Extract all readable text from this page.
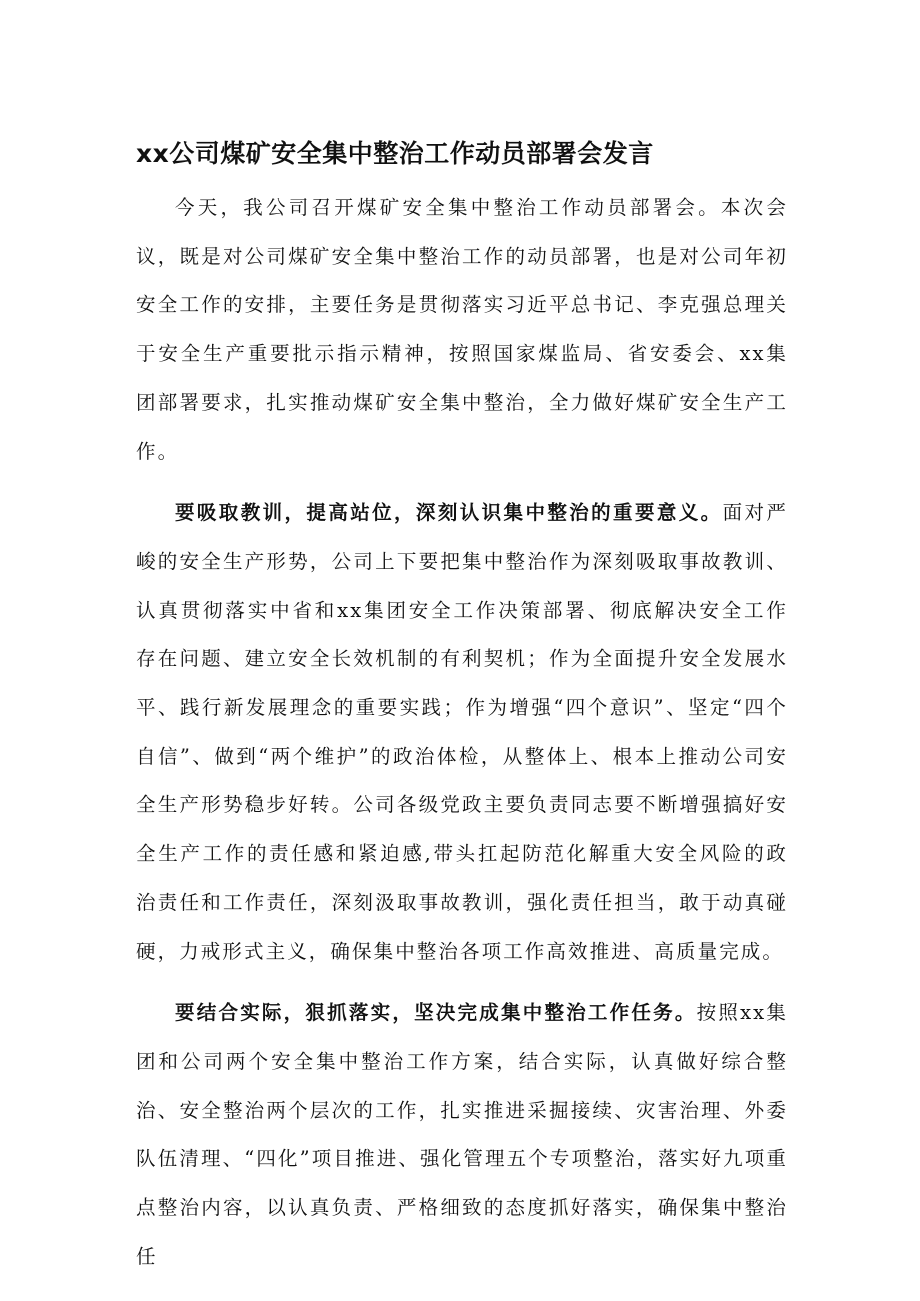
xx公司煤矿安全集中整治工作动员部署会发言

今天，我公司召开煤矿安全集中整治工作动员部署会。本次会议，既是对公司煤矿安全集中整治工作的动员部署，也是对公司年初安全工作的安排，主要任务是贯彻落实习近平总书记、李克强总理关于安全生产重要批示指示精神，按照国家煤监局、省安委会、xx集团部署要求，扎实推动煤矿安全集中整治，全力做好煤矿安全生产工作。

要吸取教训，提高站位，深刻认识集中整治的重要意义。面对严峻的安全生产形势，公司上下要把集中整治作为深刻吸取事故教训、认真贯彻落实中省和xx集团安全工作决策部署、彻底解决安全工作存在问题、建立安全长效机制的有利契机；作为全面提升安全发展水平、践行新发展理念的重要实践；作为增强“四个意识”、坚定“四个自信”、做到“两个维护”的政治体检，从整体上、根本上推动公司安全生产形势稳步好转。公司各级党政主要负责同志要不断增强搞好安全生产工作的责任感和紧迫感,带头扛起防范化解重大安全风险的政治责任和工作责任，深刻汲取事故教训，强化责任担当，敢于动真碰硬，力戒形式主义，确保集中整治各项工作高效推进、高质量完成。

要结合实际，狠抓落实，坚决完成集中整治工作任务。按照xx集团和公司两个安全集中整治工作方案，结合实际，认真做好综合整治、安全整治两个层次的工作，扎实推进采掘接续、灾害治理、外委队伍清理、“四化”项目推进、强化管理五个专项整治，落实好九项重点整治内容，以认真负责、严格细致的态度抓好落实，确保集中整治任
